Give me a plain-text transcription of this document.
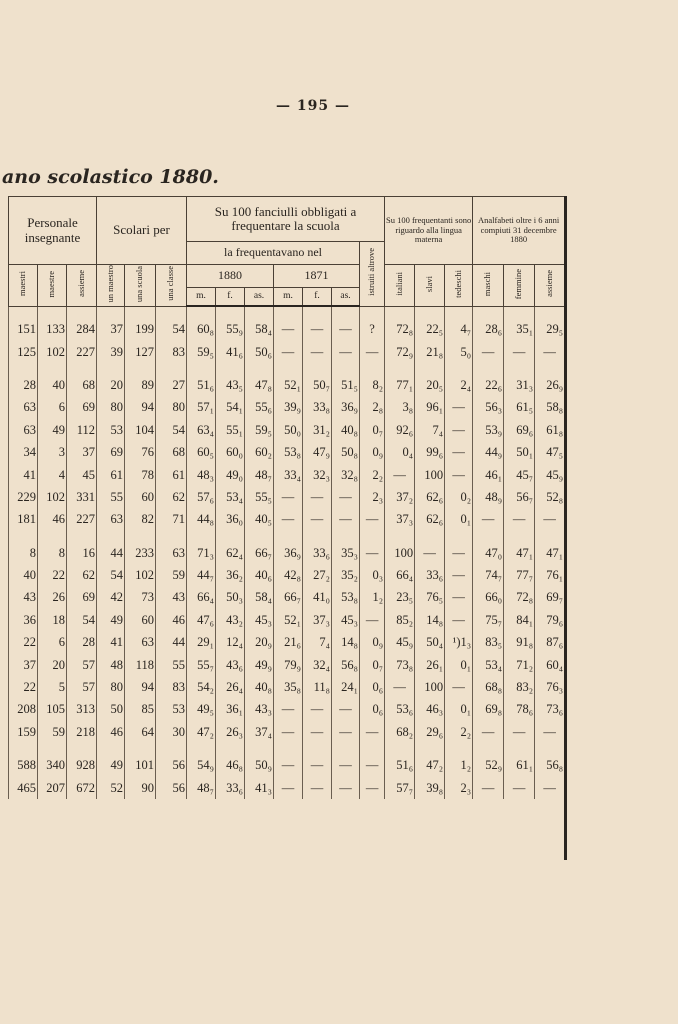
— 195 —
ano scolastico 1880.
Personale insegnante			Scolari per			Su 100 fanciulli obbligati a frequentare la scuola							Su 100 frequentanti sono riguardo alla lingua materna			Analfabeti oltre i 6 anni compiuti 31 decembre 1880		
						la frequentavano nel						istruiti altrove						
maestri	maestre	assieme	un maestro	una scuola	una classe	1880			1871				italiani	slavi	tedeschi	maschi	femmine	assieme
						m.	f.	as.	m.	f.	as.							

151	133	284	37	199	54	60₈	55₉	58₄	—	—	—	?	72₈	22₅	4₇	28₆	35₁	29₅
125	102	227	39	127	83	59₅	41₆	50₆	—	—	—	—	72₉	21₈	5₀	—	—	—

28	40	68	20	89	27	51₆	43₅	47₈	52₁	50₇	51₅	8₂	77₁	20₅	2₄	22₆	31₃	26₉
63	6	69	80	94	80	57₁	54₁	55₆	39₉	33₈	36₉	2₈	3₈	96₁	—	56₃	61₅	58₈
63	49	112	53	104	54	63₄	55₁	59₅	50₀	31₂	40₈	0₇	92₆	7₄	—	53₉	69₆	61₈
34	3	37	69	76	68	60₅	60₀	60₂	53₈	47₉	50₈	0₉	0₄	99₆	—	44₉	50₁	47₅
41	4	45	61	78	61	48₃	49₀	48₇	33₄	32₃	32₈	2₂	—	100	—	46₁	45₇	45₉
229	102	331	55	60	62	57₆	53₄	55₅	—	—	—	2₃	37₂	62₆	0₂	48₉	56₇	52₈
181	46	227	63	82	71	44₈	36₀	40₅	—	—	—	—	37₃	62₆	0₁	—	—	—

8	8	16	44	233	63	71₃	62₄	66₇	36₉	33₆	35₃	—	100	—	—	47₀	47₁	47₁
40	22	62	54	102	59	44₇	36₂	40₆	42₈	27₂	35₂	0₃	66₄	33₆	—	74₇	77₇	76₁
43	26	69	42	73	43	66₄	50₃	58₄	66₇	41₀	53₈	1₂	23₅	76₅	—	66₀	72₈	69₇
36	18	54	49	60	46	47₆	43₂	45₃	52₁	37₃	45₃	—	85₂	14₈	—	75₇	84₁	79₆
22	6	28	41	63	44	29₁	12₄	20₉	21₆	7₄	14₈	0₉	45₉	50₄	¹)1₃	83₅	91₈	87₆
37	20	57	48	118	55	55₇	43₆	49₉	79₉	32₄	56₈	0₇	73₈	26₁	0₁	53₄	71₂	60₄
22	5	57	80	94	83	54₂	26₄	40₈	35₈	11₈	24₁	0₆	—	100	—	68₈	83₂	76₃
208	105	313	50	85	53	49₅	36₁	43₃	—	—	—	0₆	53₆	46₃	0₁	69₈	78₆	73₆
159	59	218	46	64	30	47₂	26₃	37₄	—	—	—	—	68₂	29₆	2₂	—	—	—

588	340	928	49	101	56	54₉	46₈	50₉	—	—	—	—	51₆	47₂	1₂	52₉	61₁	56₈
465	207	672	52	90	56	48₇	33₆	41₃	—	—	—	—	57₇	39₈	2₃	—	—	—
